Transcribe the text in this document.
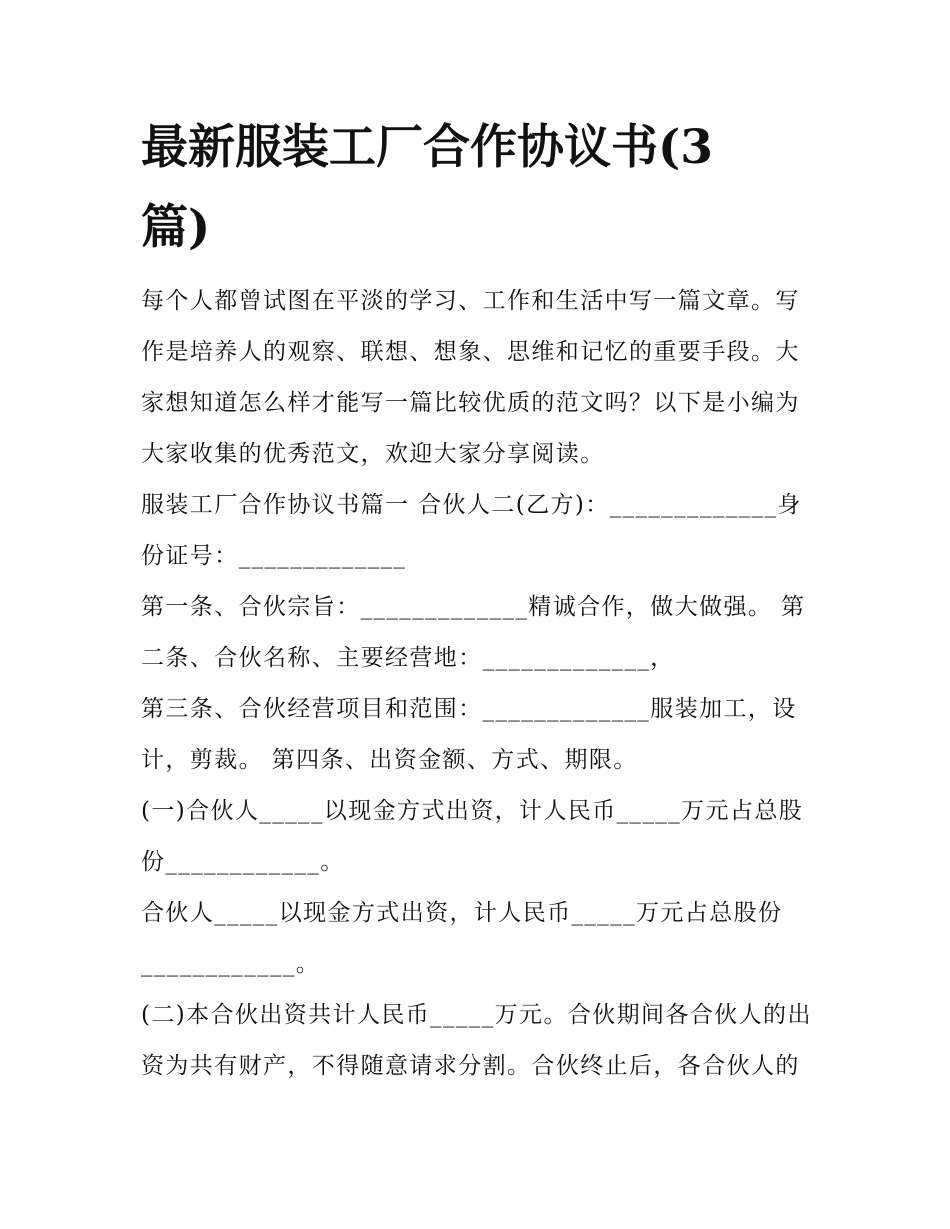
最新服装工厂合作协议书(3
篇)

每个人都曾试图在平淡的学习、工作和生活中写一篇文章。写

作是培养人的观察、联想、想象、思维和记忆的重要手段。大

家想知道怎么样才能写一篇比较优质的范文吗？以下是小编为

大家收集的优秀范文，欢迎大家分享阅读。

服装工厂合作协议书篇一 合伙人二(乙方)：_____________身

份证号：_____________

第一条、合伙宗旨：_____________精诚合作，做大做强。 第

二条、合伙名称、主要经营地：_____________，

第三条、合伙经营项目和范围：_____________服装加工，设

计，剪裁。 第四条、出资金额、方式、期限。

(一)合伙人_____以现金方式出资，计人民币_____万元占总股

份____________。

合伙人_____以现金方式出资，计人民币_____万元占总股份

____________。

(二)本合伙出资共计人民币_____万元。合伙期间各合伙人的出

资为共有财产，不得随意请求分割。合伙终止后，各合伙人的
